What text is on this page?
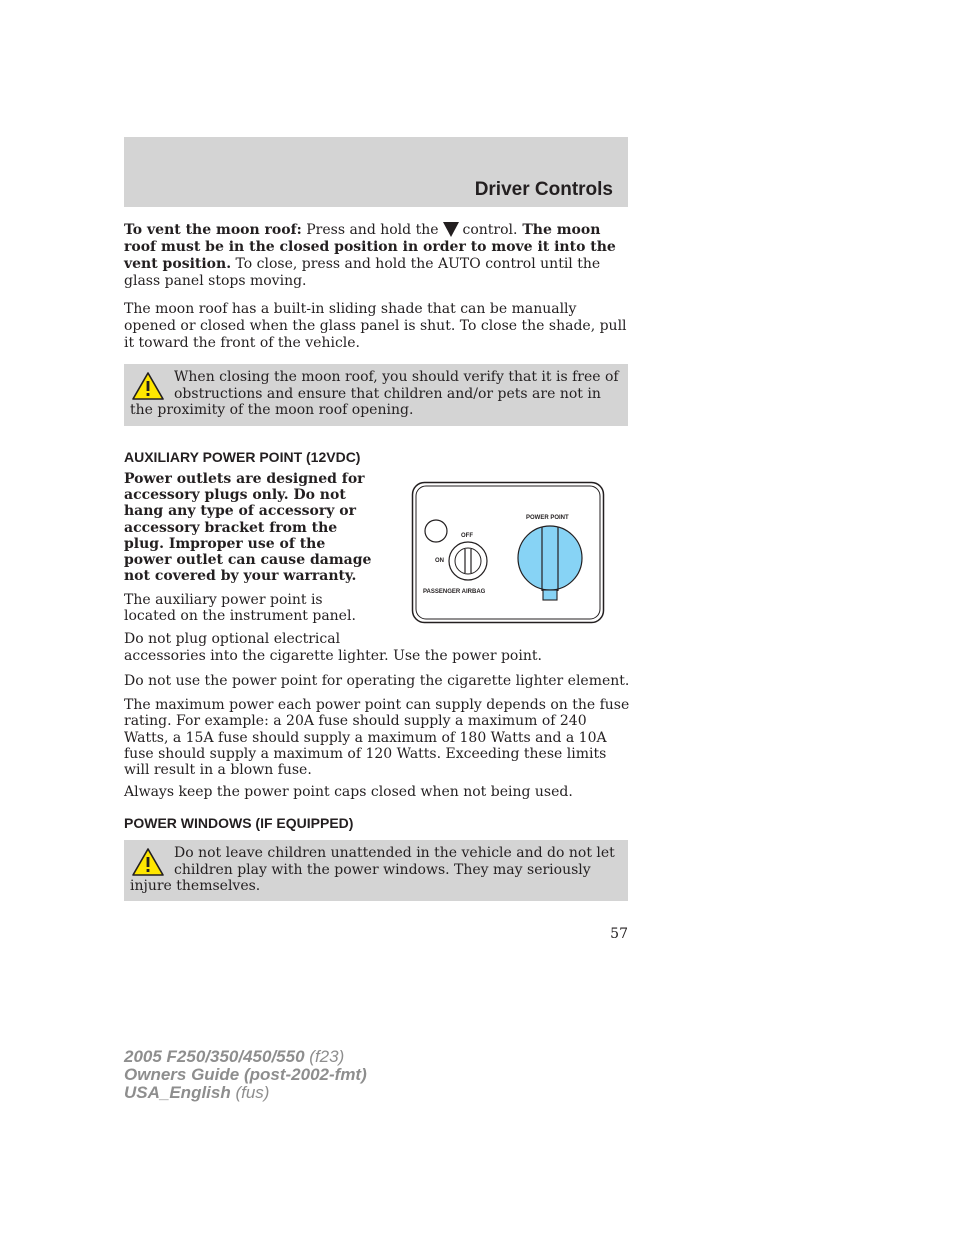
Driver Controls

To vent the moon roof: Press and hold the control. The moon roof must be in the closed position in order to move it into the vent position. To close, press and hold the AUTO control until the glass panel stops moving.

The moon roof has a built-in sliding shade that can be manually opened or closed when the glass panel is shut. To close the shade, pull it toward the front of the vehicle.

When closing the moon roof, you should verify that it is free of obstructions and ensure that children and/or pets are not in the proximity of the moon roof opening.
AUXILIARY POWER POINT (12VDC)

Power outlets are designed for accessory plugs only. Do not hang any type of accessory or accessory bracket from the plug. Improper use of the power outlet can cause damage not covered by your warranty.

The auxiliary power point is located on the instrument panel.

Do not plug optional electrical
accessories into the cigarette lighter. Use the power point.

Do not use the power point for operating the cigarette lighter element.

The maximum power each power point can supply depends on the fuse rating. For example: a 20A fuse should supply a maximum of 240 Watts, a 15A fuse should supply a maximum of 180 Watts and a 10A fuse should supply a maximum of 120 Watts. Exceeding these limits will result in a blown fuse.

Always keep the power point caps closed when not being used.

OFF
ON
PASSENGER AIRBAG
POWER POINT
POWER WINDOWS (IF EQUIPPED)
Do not leave children unattended in the vehicle and do not let children play with the power windows. They may seriously injure themselves.
57
2005 F250/350/450/550 (f23)
Owners Guide (post-2002-fmt)
USA_English (fus)
